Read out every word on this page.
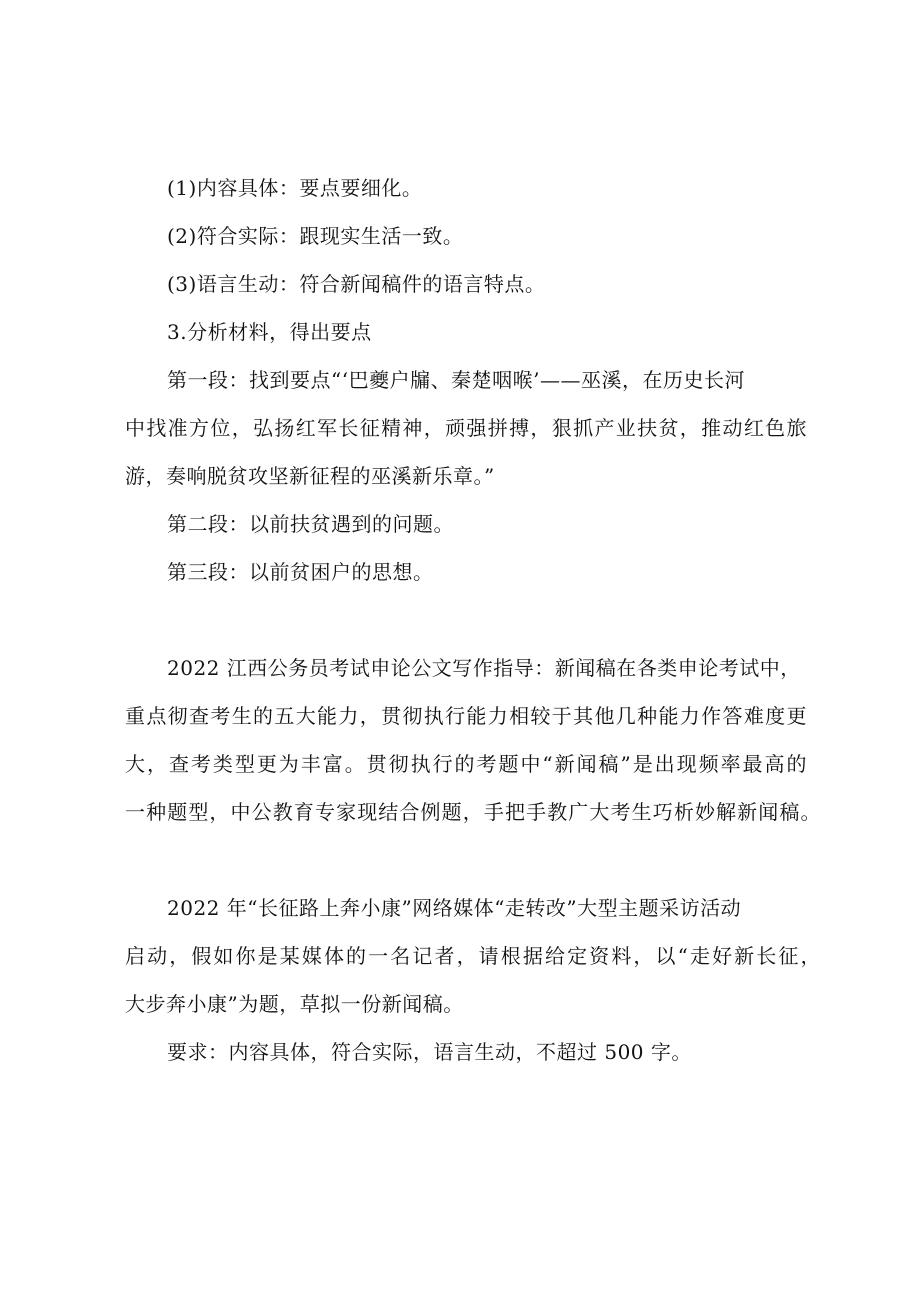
(1)内容具体：要点要细化。
(2)符合实际：跟现实生活一致。
(3)语言生动：符合新闻稿件的语言特点。
3.分析材料，得出要点
第一段：找到要点“‘巴夔户牖、秦楚咽喉’——巫溪，在历史长河
中找准方位，弘扬红军长征精神，顽强拼搏，狠抓产业扶贫，推动红色旅
游，奏响脱贫攻坚新征程的巫溪新乐章。”
第二段：以前扶贫遇到的问题。
第三段：以前贫困户的思想。
2022 江西公务员考试申论公文写作指导：新闻稿在各类申论考试中，
重点彻查考生的五大能力，贯彻执行能力相较于其他几种能力作答难度更
大，查考类型更为丰富。贯彻执行的考题中“新闻稿”是出现频率最高的
一种题型，中公教育专家现结合例题，手把手教广大考生巧析妙解新闻稿。
2022 年“长征路上奔小康”网络媒体“走转改”大型主题采访活动
启动，假如你是某媒体的一名记者，请根据给定资料，以“走好新长征，
大步奔小康”为题，草拟一份新闻稿。
要求：内容具体，符合实际，语言生动，不超过 500 字。
